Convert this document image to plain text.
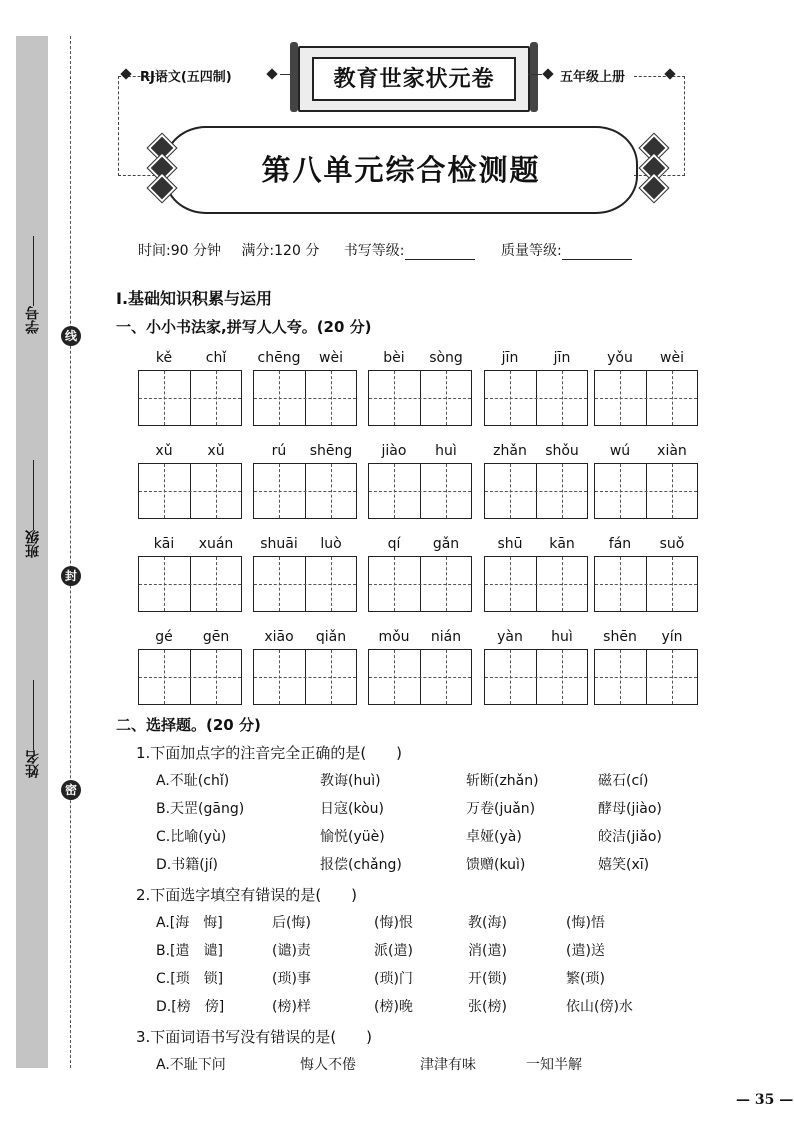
线
封
密
学号
班级
姓名
RJ语文(五四制)	教育世家状元卷	五年级上册
第八单元综合检测题
时间:90 分钟 满分:120 分 书写等级:	质量等级:
Ⅰ.基础知识积累与运用
一、小小书法家,拼写人人夸。(20 分)
kě	chǐ	chēng	wèi	bèi	sòng	jīn	jīn	yǒu	wèi
xǔ	xǔ	rú	shēng	jiào	huì	zhǎn	shǒu	wú	xiàn
kāi	xuán	shuāi	luò	qí	gǎn	shū	kān	fán	suǒ
gé	gēn	xiāo	qiǎn	mǒu	nián	yàn	huì	shēn	yín
二、选择题。(20 分)
1.下面加点字的注音完全正确的是(　　)
A.不耻(chǐ)	教诲(huì)	斩断(zhǎn)	磁石(cí)
B.天罡(gāng)	日寇(kòu)	万卷(juǎn)	酵母(jiào)
C.比喻(yù)	愉悦(yüè)	卓娅(yà)	皎洁(jiǎo)
D.书籍(jí)	报偿(chǎng)	馈赠(kuì)	嬉笑(xī)
2.下面选字填空有错误的是(　　)
A.[海　悔]	后(悔)	(悔)恨	教(海)	(悔)悟
B.[遣　谴]	(谴)责	派(遣)	消(遣)	(遣)送
C.[琐　锁]	(琐)事	(琐)门	开(锁)	繁(琐)
D.[榜　傍]	(榜)样	(榜)晚	张(榜)	依山(傍)水
3.下面词语书写没有错误的是(　　)
A.不耻下问	悔人不倦	津津有味	一知半解
— 35 —
